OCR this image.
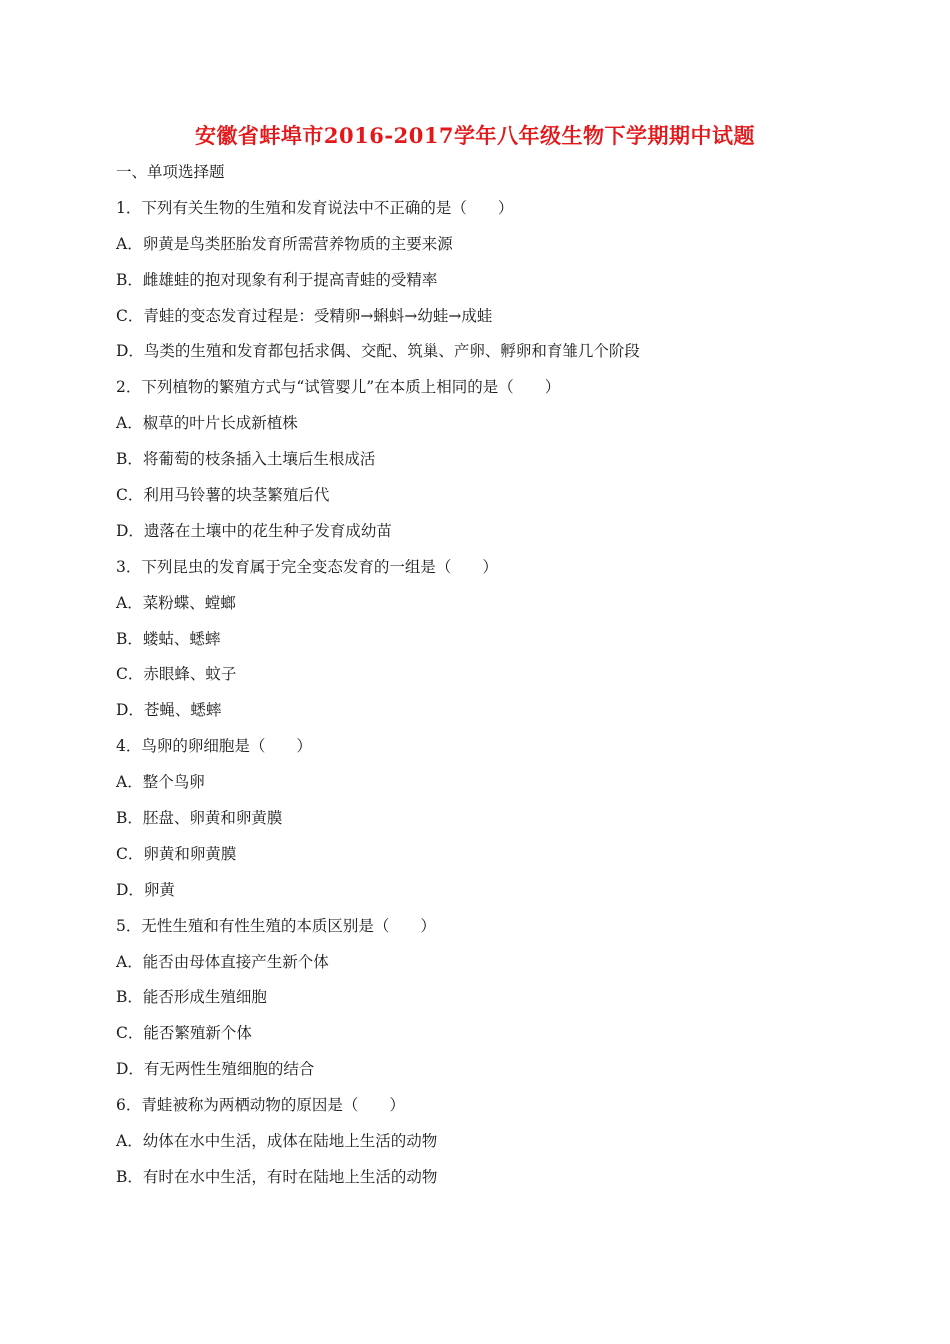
安徽省蚌埠市2016-2017学年八年级生物下学期期中试题
一、单项选择题
1．下列有关生物的生殖和发育说法中不正确的是（　　）
A．卵黄是鸟类胚胎发育所需营养物质的主要来源
B．雌雄蛙的抱对现象有利于提高青蛙的受精率
C．青蛙的变态发育过程是：受精卵→蝌蚪→幼蛙→成蛙
D．鸟类的生殖和发育都包括求偶、交配、筑巢、产卵、孵卵和育雏几个阶段
2．下列植物的繁殖方式与“试管婴儿”在本质上相同的是（　　）
A．椒草的叶片长成新植株
B．将葡萄的枝条插入土壤后生根成活
C．利用马铃薯的块茎繁殖后代
D．遗落在土壤中的花生种子发育成幼苗
3．下列昆虫的发育属于完全变态发育的一组是（　　）
A．菜粉蝶、螳螂
B．蝼蛄、蟋蟀
C．赤眼蜂、蚊子
D．苍蝇、蟋蟀
4．鸟卵的卵细胞是（　　）
A．整个鸟卵
B．胚盘、卵黄和卵黄膜
C．卵黄和卵黄膜
D．卵黄
5．无性生殖和有性生殖的本质区别是（　　）
A．能否由母体直接产生新个体
B．能否形成生殖细胞
C．能否繁殖新个体
D．有无两性生殖细胞的结合
6．青蛙被称为两栖动物的原因是（　　）
A．幼体在水中生活，成体在陆地上生活的动物
B．有时在水中生活，有时在陆地上生活的动物
